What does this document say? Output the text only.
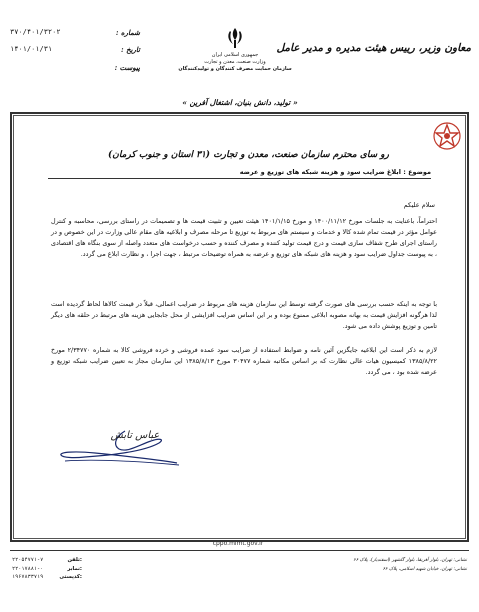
معاون وزیر، رییس هیئت مدیره و مدیر عامل
جمهوری اسلامی ایران
وزارت صنعت، معدن و تجارت
سازمان حمایت مصرف کنندگان و تولیدکنندگان
شماره :
۳۷۰/۴۰۱/۳۲۰۲
تاریخ :
۱۴۰۱/۰۱/۳۱
پیوست :
« تولید، دانش بنیان، اشتغال آفرین »
رو سای محترم سازمان صنعت، معدن و تجارت (۳۱ استان و جنوب کرمان)
موضوع : ابلاغ ضرایب سود و هزینه شبکه های توزیع و عرضه
سلام علیکم

احتراماً، باعنایت به جلسات مورخ ۱۴۰۰/۱۱/۱۲ و مورخ ۱۴۰۱/۱/۱۵ هیئت تعیین و تثبیت قیمت ها و تصمیمات در راستای بررسی، محاسبه و کنترل عوامل مؤثر در قیمت تمام شده کالا و خدمات و سیستم های مربوط به توزیع تا مرحله مصرف و ابلاغیه های مقام عالی وزارت در این خصوص و در راستای اجرای طرح شفاف سازی قیمت و درج قیمت تولید کننده و مصرف کننده و حسب درخواست های متعدد واصله از سوی بنگاه های اقتصادی ، به پیوست جداول ضرایب سود و هزینه های شبکه های توزیع و عرضه به همراه توضیحات مرتبط ، جهت اجرا ، و نظارت ابلاغ می گردد.

با توجه به اینکه حسب بررسی های صورت گرفته توسط این سازمان هزینه های مربوط در ضرایب اعمالی، قبلاً در قیمت کالاها لحاظ گردیده است لذا هرگونه افزایش قیمت به بهانه مصوبه ابلاغی ممنوع بوده و بر این اساس ضرایب افزایشی از محل جابجایی هزینه های مرتبط در حلقه های دیگر تامین و توزیع پوشش داده می شود.

لازم به ذکر است این ابلاغیه جایگزین آئین نامه و ضوابط استفاده از ضرایب سود عمده فروشی و خرده فروشی کالا به شماره ۲/۳۴۷۷۰ مورخ ۱۳۸۵/۸/۲۲ کمیسیون هیات عالی نظارت که بر اساس مکاتبه شماره ۳۰۴۷۷ مورخ ۱۳۸۵/۸/۱۳ این سازمان مجاز به تعیین ضرایب شبکه توزیع و عرضه شده بود ، می گردد.

عباس تابش
cppo.mimt.gov.ir
۲۲۰۵۴۷۷۱-۷	تلفن:
۲۲۰۱۷۸۸۱-۰	نمابر:
۱۹۶۷۸۳۳۷۱۹	کدپستی:
نشانی: تهران، بلوار آفریقا، بلوار گلشهر (اسفندیار)، پلاک ۶۶
نشانی: تهران، خیابان شهید اسلامی، پلاک ۶۶
